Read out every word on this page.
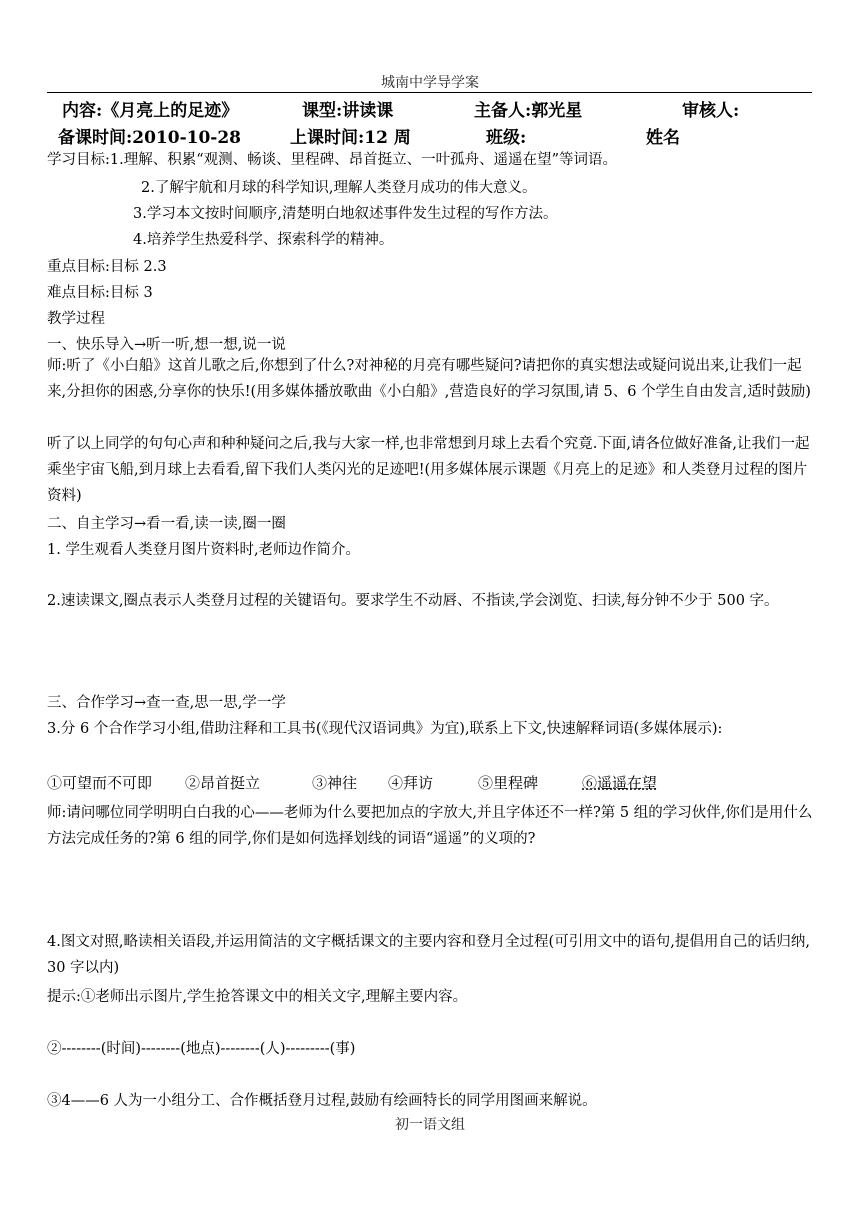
城南中学导学案
内容:《月亮上的足迹》	课型:讲读课	主备人:郭光星	审核人:
备课时间:2010-10-28	上课时间:12 周	班级:	姓名
学习目标:1.理解、积累“观测、畅谈、里程碑、昂首挺立、一叶孤舟、遥遥在望”等词语。
2.了解宇航和月球的科学知识,理解人类登月成功的伟大意义。
3.学习本文按时间顺序,清楚明白地叙述事件发生过程的写作方法。
4.培养学生热爱科学、探索科学的精神。
重点目标:目标 2.3
难点目标:目标 3
教学过程
一、快乐导入→听一听,想一想,说一说
师:听了《小白船》这首儿歌之后,你想到了什么?对神秘的月亮有哪些疑问?请把你的真实想法或疑问说出来,让我们一起来,分担你的困惑,分享你的快乐!(用多媒体播放歌曲《小白船》,营造良好的学习氛围,请 5、6 个学生自由发言,适时鼓励)
听了以上同学的句句心声和种种疑问之后,我与大家一样,也非常想到月球上去看个究竟.下面,请各位做好准备,让我们一起乘坐宇宙飞船,到月球上去看看,留下我们人类闪光的足迹吧!(用多媒体展示课题《月亮上的足迹》和人类登月过程的图片资料)
二、自主学习→看一看,读一读,圈一圈
1. 学生观看人类登月图片资料时,老师边作简介。
2.速读课文,圈点表示人类登月过程的关键语句。要求学生不动唇、不指读,学会浏览、扫读,每分钟不少于 500 字。
三、合作学习→查一查,思一思,学一学
3.分 6 个合作学习小组,借助注释和工具书(《现代汉语词典》为宜),联系上下文,快速解释词语(多媒体展示):
①可望而不可即 ②昂首挺立	③神往 ④拜访	⑤里程碑	⑥遥遥在望
师:请问哪位同学明明白白我的心——老师为什么要把加点的字放大,并且字体还不一样?第 5 组的学习伙伴,你们是用什么方法完成任务的?第 6 组的同学,你们是如何选择划线的词语“遥遥”的义项的?
4.图文对照,略读相关语段,并运用简洁的文字概括课文的主要内容和登月全过程(可引用文中的语句,提倡用自己的话归纳,30 字以内)
提示:①老师出示图片,学生抢答课文中的相关文字,理解主要内容。
②--------(时间)--------(地点)--------(人)---------(事)
③4——6 人为一小组分工、合作概括登月过程,鼓励有绘画特长的同学用图画来解说。
初一语文组
